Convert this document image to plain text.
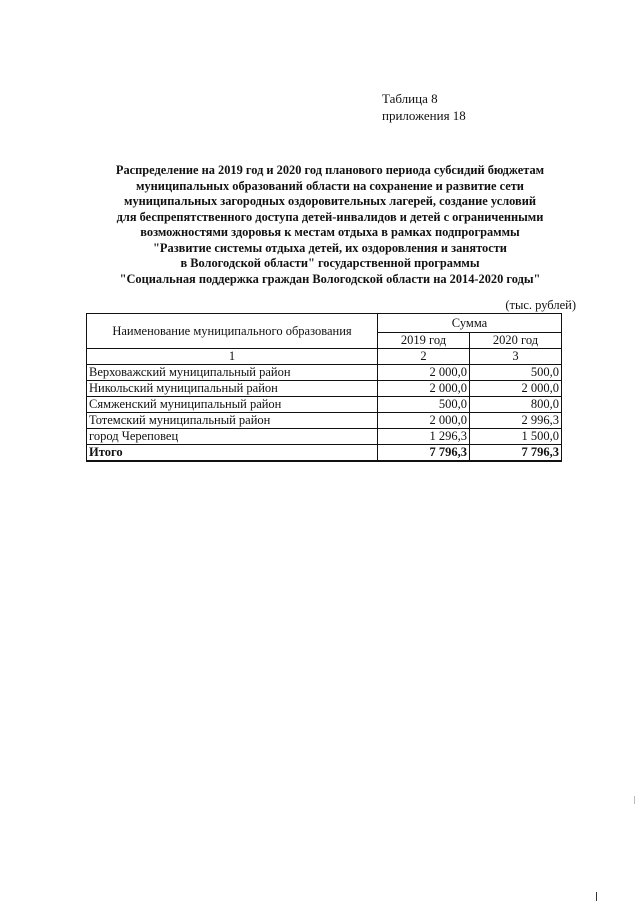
Таблица 8
приложения 18
Распределение на 2019 год и 2020 год планового периода субсидий бюджетам
муниципальных образований области на сохранение и развитие сети
муниципальных загородных оздоровительных лагерей, создание условий
для беспрепятственного доступа детей-инвалидов и детей с ограниченными
возможностями здоровья к местам отдыха в рамках подпрограммы
"Развитие системы отдыха детей, их оздоровления и занятости
в Вологодской области" государственной программы
"Социальная поддержка граждан Вологодской области на 2014-2020 годы"
(тыс. рублей)
Наименование муниципального образования	Сумма	
	2019 год	2020 год
1	2	3
Верховажский муниципальный район	2 000,0	500,0
Никольский муниципальный район	2 000,0	2 000,0
Сямженский муниципальный район	500,0	800,0
Тотемский муниципальный район	2 000,0	2 996,3
город Череповец	1 296,3	1 500,0
Итого	7 796,3	7 796,3
